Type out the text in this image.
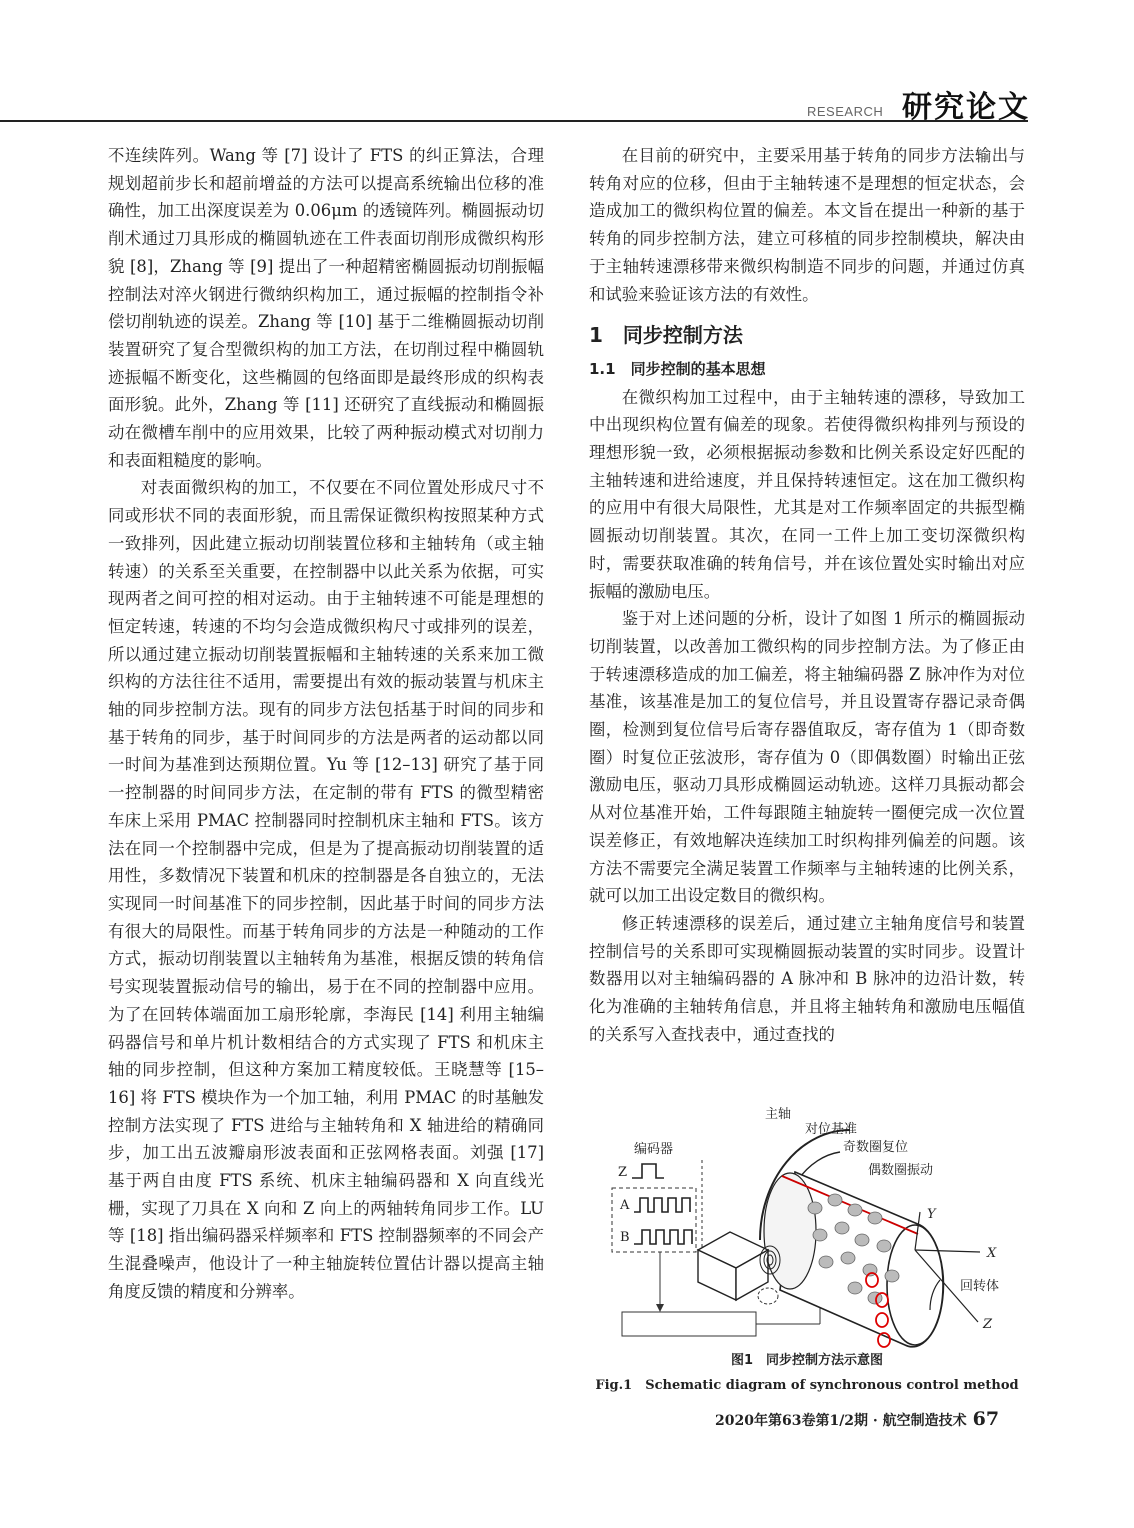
RESEARCH 研究论文

不连续阵列。Wang 等 [7] 设计了 FTS 的纠正算法，合理规划超前步长和超前增益的方法可以提高系统输出位移的准确性，加工出深度误差为 0.06μm 的透镜阵列。椭圆振动切削术通过刀具形成的椭圆轨迹在工件表面切削形成微织构形貌 [8]，Zhang 等 [9] 提出了一种超精密椭圆振动切削振幅控制法对淬火钢进行微纳织构加工，通过振幅的控制指令补偿切削轨迹的误差。Zhang 等 [10] 基于二维椭圆振动切削装置研究了复合型微织构的加工方法，在切削过程中椭圆轨迹振幅不断变化，这些椭圆的包络面即是最终形成的织构表面形貌。此外，Zhang 等 [11] 还研究了直线振动和椭圆振动在微槽车削中的应用效果，比较了两种振动模式对切削力和表面粗糙度的影响。

对表面微织构的加工，不仅要在不同位置处形成尺寸不同或形状不同的表面形貌，而且需保证微织构按照某种方式一致排列，因此建立振动切削装置位移和主轴转角（或主轴转速）的关系至关重要，在控制器中以此关系为依据，可实现两者之间可控的相对运动。由于主轴转速不可能是理想的恒定转速，转速的不均匀会造成微织构尺寸或排列的误差，所以通过建立振动切削装置振幅和主轴转速的关系来加工微织构的方法往往不适用，需要提出有效的振动装置与机床主轴的同步控制方法。现有的同步方法包括基于时间的同步和基于转角的同步，基于时间同步的方法是两者的运动都以同一时间为基准到达预期位置。Yu 等 [12–13] 研究了基于同一控制器的时间同步方法，在定制的带有 FTS 的微型精密车床上采用 PMAC 控制器同时控制机床主轴和 FTS。该方法在同一个控制器中完成，但是为了提高振动切削装置的适用性，多数情况下装置和机床的控制器是各自独立的，无法实现同一时间基准下的同步控制，因此基于时间的同步方法有很大的局限性。而基于转角同步的方法是一种随动的工作方式，振动切削装置以主轴转角为基准，根据反馈的转角信号实现装置振动信号的输出，易于在不同的控制器中应用。为了在回转体端面加工扇形轮廓，李海民 [14] 利用主轴编码器信号和单片机计数相结合的方式实现了 FTS 和机床主轴的同步控制，但这种方案加工精度较低。王晓慧等 [15–16] 将 FTS 模块作为一个加工轴，利用 PMAC 的时基触发控制方法实现了 FTS 进给与主轴转角和 X 轴进给的精确同步，加工出五波瓣扇形波表面和正弦网格表面。刘强 [17] 基于两自由度 FTS 系统、机床主轴编码器和 X 向直线光栅，实现了刀具在 X 向和 Z 向上的两轴转角同步工作。LU 等 [18] 指出编码器采样频率和 FTS 控制器频率的不同会产生混叠噪声，他设计了一种主轴旋转位置估计器以提高主轴角度反馈的精度和分辨率。

在目前的研究中，主要采用基于转角的同步方法输出与转角对应的位移，但由于主轴转速不是理想的恒定状态，会造成加工的微织构位置的偏差。本文旨在提出一种新的基于转角的同步控制方法，建立可移植的同步控制模块，解决由于主轴转速漂移带来微织构制造不同步的问题，并通过仿真和试验来验证该方法的有效性。

1　同步控制方法

1.1　同步控制的基本思想

在微织构加工过程中，由于主轴转速的漂移，导致加工中出现织构位置有偏差的现象。若使得微织构排列与预设的理想形貌一致，必须根据振动参数和比例关系设定好匹配的主轴转速和进给速度，并且保持转速恒定。这在加工微织构的应用中有很大局限性，尤其是对工作频率固定的共振型椭圆振动切削装置。其次，在同一工件上加工变切深微织构时，需要获取准确的转角信号，并在该位置处实时输出对应振幅的激励电压。

鉴于对上述问题的分析，设计了如图 1 所示的椭圆振动切削装置，以改善加工微织构的同步控制方法。为了修正由于转速漂移造成的加工偏差，将主轴编码器 Z 脉冲作为对位基准，该基准是加工的复位信号，并且设置寄存器记录奇偶圈，检测到复位信号后寄存器值取反，寄存值为 1（即奇数圈）时复位正弦波形，寄存值为 0（即偶数圈）时输出正弦激励电压，驱动刀具形成椭圆运动轨迹。这样刀具振动都会从对位基准开始，工件每跟随主轴旋转一圈便完成一次位置误差修正，有效地解决连续加工时织构排列偏差的问题。该方法不需要完全满足装置工作频率与主轴转速的比例关系，就可以加工出设定数目的微织构。

修正转速漂移的误差后，通过建立主轴角度信号和装置控制信号的关系即可实现椭圆振动装置的实时同步。设置计数器用以对主轴编码器的 A 脉冲和 B 脉冲的边沿计数，转化为准确的主轴转角信息，并且将主轴转角和激励电压幅值的关系写入查找表中，通过查找的

主轴
对位基准
奇数圈复位
偶数圈振动
编码器
Z
A
B
回转体
X
Y
Z
图1　同步控制方法示意图
Fig.1　Schematic diagram of synchronous control method
2020年第63卷第1/2期 · 航空制造技术 67
